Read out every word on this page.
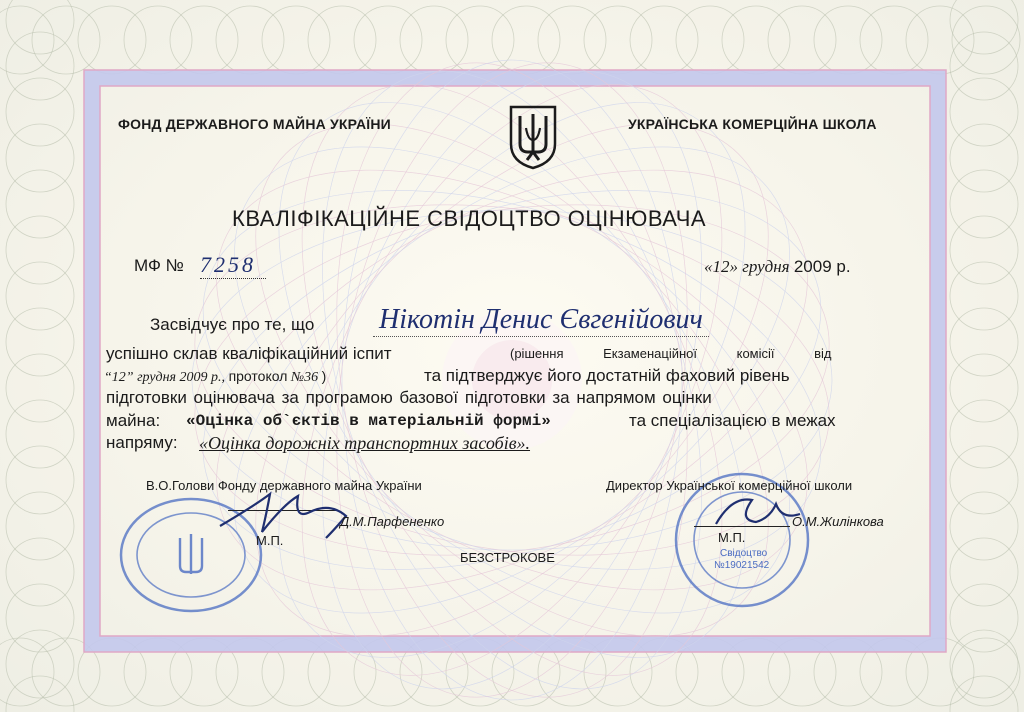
ФОНД ДЕРЖАВНОГО МАЙНА УКРАЇНИ	УКРАЇНСЬКА КОМЕРЦІЙНА ШКОЛА
КВАЛІФІКАЦІЙНЕ СВІДОЦТВО ОЦІНЮВАЧА
МФ № 7258	«12» грудня 2009 р.
Засвідчує про те, що Нікотін Денис Євгенійович
успішно склав кваліфікаційний іспит	(рішення Екзаменаційної комісії від
“12” грудня 2009 р., протокол №36 )	та підтверджує його достатній фаховий рівень
підготовки оцінювача за програмою базової підготовки за напрямом оцінки
майна: «Оцінка об`єктів в матеріальній формі»	та спеціалізацією в межах
напряму: «Оцінка дорожніх транспортних засобів».
Свідоцтво
№19021542
В.О.Голови Фонду державного майна України
Д.М.Парфененко
М.П.
Директор Української комерційної школи
О.М.Жилінкова
М.П.
БЕЗСТРОКОВЕ
